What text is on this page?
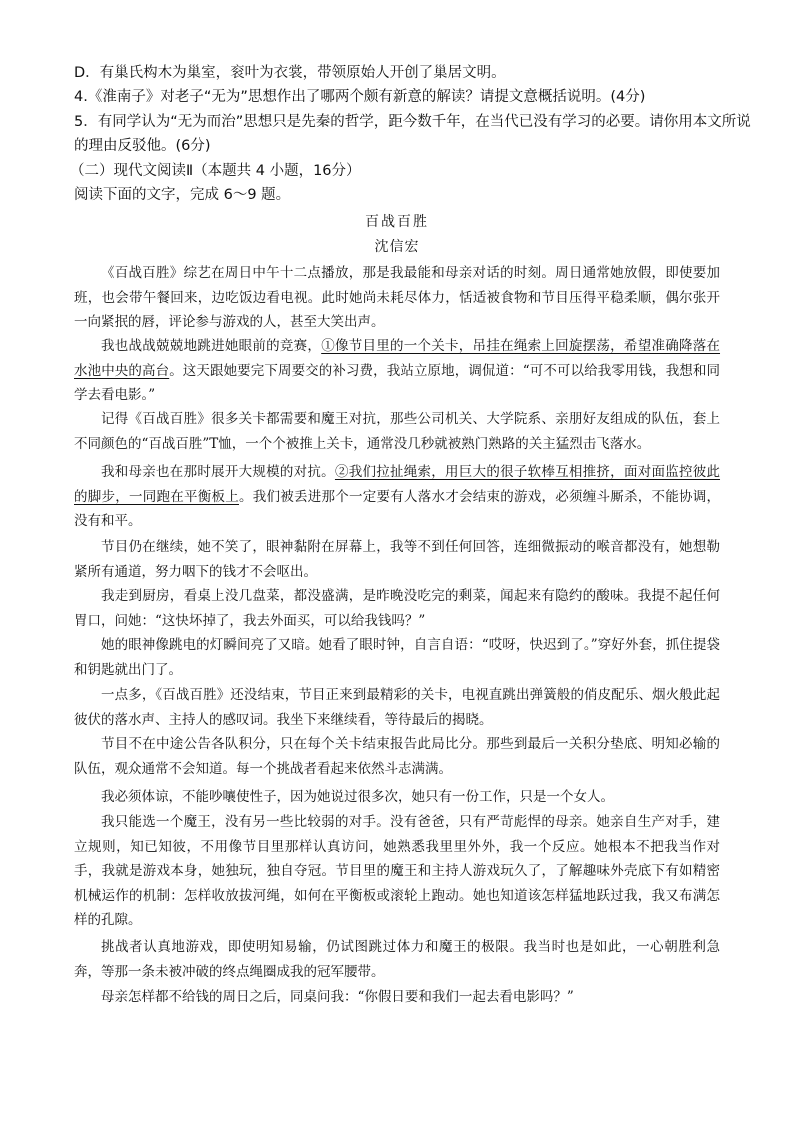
D．有巢氏构木为巢室，衮叶为衣裳，带领原始人开创了巢居文明。
4.《淮南子》对老子“无为”思想作出了哪两个颇有新意的解读？请提文意概括说明。(4分)
5．有同学认为“无为而治”思想只是先秦的哲学，距今数千年，在当代已没有学习的必要。请你用本文所说
的理由反驳他。(6分)
（二）现代文阅读Ⅱ（本题共 4 小题，16分）
阅读下面的文字，完成 6～9 题。
百战百胜
沈信宏
《百战百胜》综艺在周日中午十二点播放，那是我最能和母亲对话的时刻。周日通常她放假，即使要加班，也会带午餐回来，边吃饭边看电视。此时她尚未耗尽体力，恬适被食物和节目压得平稳柔顺，偶尔张开一向紧抿的唇，评论参与游戏的人，甚至大笑出声。
我也战战兢兢地跳进她眼前的竞赛，①像节目里的一个关卡，吊挂在绳索上回旋摆荡，希望准确降落在水池中央的高台。这天跟她要完下周要交的补习费，我站立原地，调侃道：“可不可以给我零用钱，我想和同学去看电影。”
记得《百战百胜》很多关卡都需要和魔王对抗，那些公司机关、大学院系、亲朋好友组成的队伍，套上不同颜色的“百战百胜”T恤，一个个被推上关卡，通常没几秒就被熟门熟路的关主猛烈击飞落水。
我和母亲也在那时展开大规模的对抗。②我们拉扯绳索，用巨大的很子软棒互相推挤，面对面监控彼此的脚步，一同跑在平衡板上。我们被丢进那个一定要有人落水才会结束的游戏，必须缠斗厮杀，不能协调，没有和平。
节目仍在继续，她不笑了，眼神黏附在屏幕上，我等不到任何回答，连细微振动的喉音都没有，她想勒紧所有通道，努力咽下的钱才不会呕出。
我走到厨房，看桌上没几盘菜，都没盛满，是昨晚没吃完的剩菜，闻起来有隐约的酸味。我提不起任何胃口，问她：“这快坏掉了，我去外面买，可以给我钱吗？”
她的眼神像跳电的灯瞬间亮了又暗。她看了眼时钟，自言自语：“哎呀，快迟到了。”穿好外套，抓住提袋和钥匙就出门了。
一点多，《百战百胜》还没结束，节目正来到最精彩的关卡，电视直跳出弹簧般的俏皮配乐、烟火般此起彼伏的落水声、主持人的感叹词。我坐下来继续看，等待最后的揭晓。
节目不在中途公告各队积分，只在每个关卡结束报告此局比分。那些到最后一关积分垫底、明知必输的队伍，观众通常不会知道。每一个挑战者看起来依然斗志满满。
我必须体谅，不能吵嚷使性子，因为她说过很多次，她只有一份工作，只是一个女人。
我只能选一个魔王，没有另一些比较弱的对手。没有爸爸，只有严苛彪悍的母亲。她亲自生产对手，建立规则，知已知彼，不用像节目里那样认真访问，她熟悉我里里外外，我一个反应。她根本不把我当作对手，我就是游戏本身，她独玩，独自夺冠。节目里的魔王和主持人游戏玩久了，了解趣味外壳底下有如精密机械运作的机制：怎样收放拔河绳，如何在平衡板或滚轮上跑动。她也知道该怎样猛地跃过我，我又布满怎样的孔隙。
挑战者认真地游戏，即使明知易输，仍试图跳过体力和魔王的极限。我当时也是如此，一心朝胜利急奔，等那一条未被冲破的终点绳圈成我的冠军腰带。
母亲怎样都不给钱的周日之后，同桌问我：“你假日要和我们一起去看电影吗？”
